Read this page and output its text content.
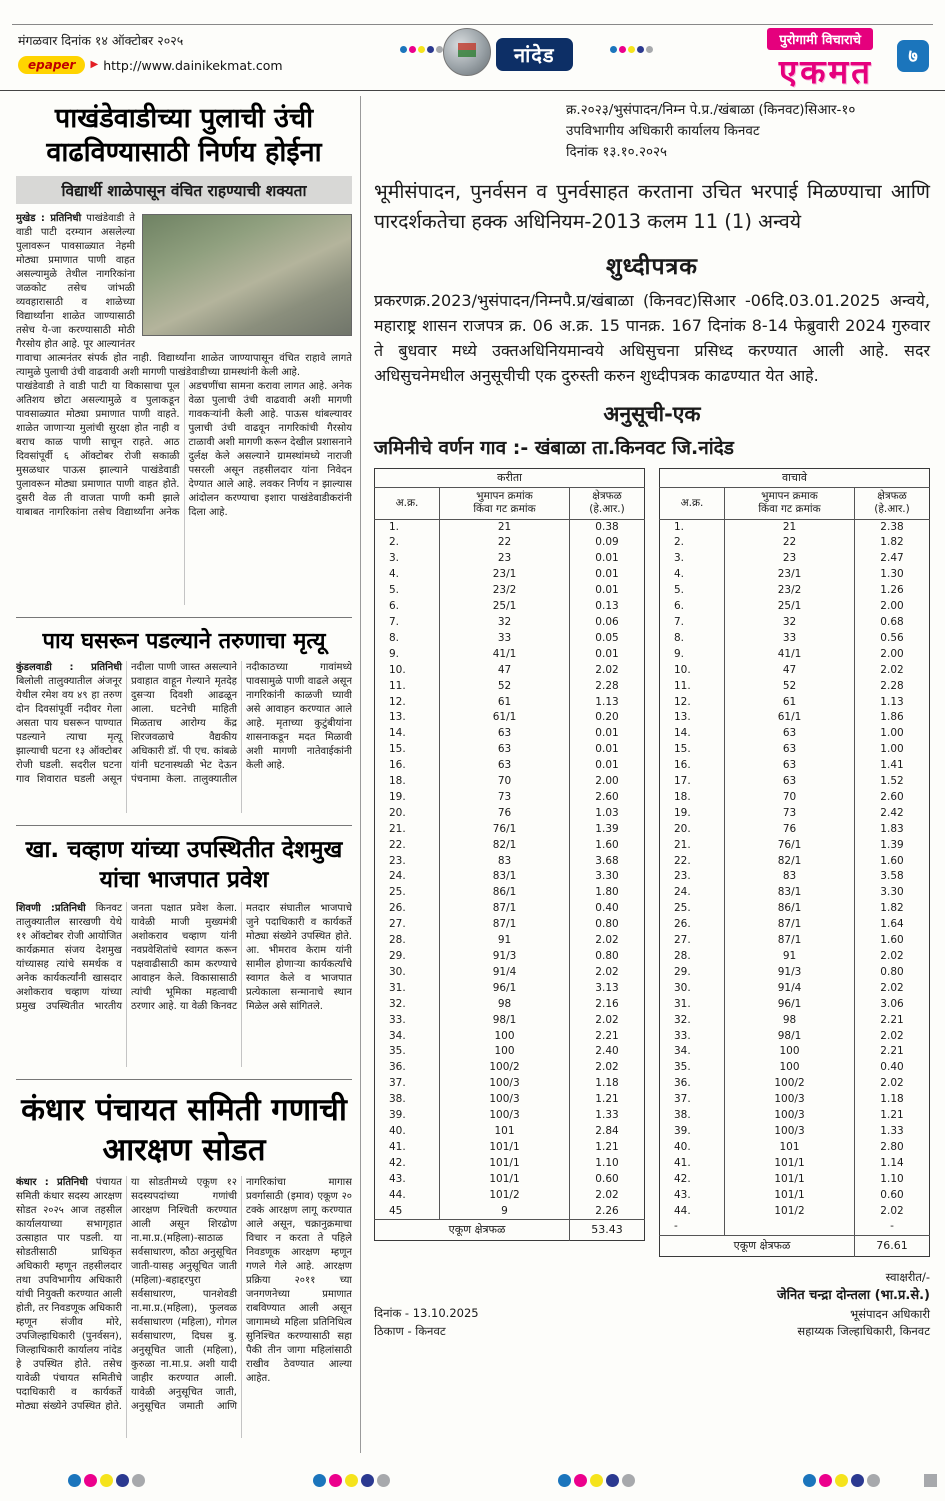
मंगळवार दिनांक १४ ऑक्टोबर २०२५
epaper	▶ http://www.dainikekmat.com	नांदेड
पुरोगामी विचाराचे
एकमत	७
पाखंडेवाडीच्या पुलाची उंची वाढविण्यासाठी निर्णय होईना
विद्यार्थी शाळेपासून वंचित राहण्याची शक्यता
मुखेड : प्रतिनिधी पाखंडेवाडी ते वाडी पाटी दरम्यान असलेल्या पुलावरून पावसाळ्यात नेहमी मोठ्या प्रमाणात पाणी वाहत असल्यामुळे तेथील नागरिकांना जळकोट तसेच जांभळी व्यवहारासाठी व शाळेच्या विद्यार्थ्यांना शाळेत जाण्यासाठी तसेच ये-जा करण्यासाठी मोठी गैरसोय होत आहे. पूर आल्यानंतर गावाचा आत्मनंतर संपर्क होत नाही. विद्यार्थ्यांना शाळेत जाण्यापासून वंचित राहावे लागते त्यामुळे पुलाची उंची वाढवावी अशी मागणी पाखंडेवाडीच्या ग्रामस्थांनी केली आहे.
पाखंडेवाडी ते वाडी पाटी या विकासाचा पूल अतिशय छोटा असल्यामुळे व पुलाकडून पावसाळ्यात मोठ्या प्रमाणात पाणी वाहते. शाळेत जाणाऱ्या मुलांची सुरक्षा होत नाही व बराच काळ पाणी साचून राहते. आठ दिवसांपूर्वी ६ ऑक्टोबर रोजी सकाळी मुसळधार पाऊस झाल्याने पाखंडेवाडी पुलावरून मोठ्या प्रमाणात पाणी वाहत होते. दुसरी वेळ ती वाजता पाणी कमी झाले याबाबत नागरिकांना तसेच विद्यार्थ्यांना अनेक अडचणींचा सामना करावा लागत आहे. अनेक वेळा पुलाची उंची वाढवावी अशी मागणी गावकऱ्यांनी केली आहे. पाऊस थांबल्यावर पुलाची उंची वाढवून नागरिकांची गैरसोय टाळावी अशी मागणी करून देखील प्रशासनाने दुर्लक्ष केले असल्याने ग्रामस्थांमध्ये नाराजी पसरली असून तहसीलदार यांना निवेदन देण्यात आले आहे. लवकर निर्णय न झाल्यास आंदोलन करण्याचा इशारा पाखंडेवाडीकरांनी दिला आहे.
पाय घसरून पडल्याने तरुणाचा मृत्यू
कुंडलवाडी : प्रतिनिधी बिलोली तालुक्यातील अंजनूर येथील रमेश वय ४९ हा तरुण दोन दिवसांपूर्वी नदीवर गेला असता पाय घसरून पाण्यात पडल्याने त्याचा मृत्यू झाल्याची घटना १३ ऑक्टोबर रोजी घडली. सदरील घटना गाव शिवारात घडली असून नदीला पाणी जास्त असल्याने प्रवाहात वाहून गेल्याने मृतदेह दुसऱ्या दिवशी आढळून आला. घटनेची माहिती मिळताच आरोग्य केंद्र शिरजवळाचे वैद्यकीय अधिकारी डॉ. पी एच. कांबळे यांनी घटनास्थळी भेट देऊन पंचनामा केला. तालुक्यातील नदीकाठच्या गावांमध्ये पावसामुळे पाणी वाढले असून नागरिकांनी काळजी घ्यावी असे आवाहन करण्यात आले आहे. मृताच्या कुटुंबीयांना शासनाकडून मदत मिळावी अशी मागणी नातेवाईकांनी केली आहे.
खा. चव्हाण यांच्या उपस्थितीत देशमुख यांचा भाजपात प्रवेश
शिवणी :प्रतिनिधी किनवट तालुक्यातील सारखणी येथे ११ ऑक्टोबर रोजी आयोजित कार्यक्रमात संजय देशमुख यांच्यासह त्यांचे समर्थक व अनेक कार्यकर्त्यांनी खासदार अशोकराव चव्हाण यांच्या प्रमुख उपस्थितीत भारतीय जनता पक्षात प्रवेश केला. यावेळी माजी मुख्यमंत्री अशोकराव चव्हाण यांनी नवप्रवेशितांचे स्वागत करून पक्षवाढीसाठी काम करण्याचे आवाहन केले. विकासासाठी त्यांची भूमिका महत्वाची ठरणार आहे. या वेळी किनवट मतदार संघातील भाजपाचे जुने पदाधिकारी व कार्यकर्ते मोठ्या संख्येने उपस्थित होते. आ. भीमराव केराम यांनी सामील होणाऱ्या कार्यकर्त्यांचे स्वागत केले व भाजपात प्रत्येकाला सन्मानाचे स्थान मिळेल असे सांगितले.
कंधार पंचायत समिती गणाची आरक्षण सोडत
कंधार : प्रतिनिधी पंचायत समिती कंधार सदस्य आरक्षण सोडत २०२५ आज तहसील कार्यालयाच्या सभागृहात उत्साहात पार पडली. या सोडतीसाठी प्राधिकृत अधिकारी म्हणून तहसीलदार तथा उपविभागीय अधिकारी यांची नियुक्ती करण्यात आली होती, तर निवडणूक अधिकारी म्हणून संजीव मोरे, उपजिल्हाधिकारी (पुनर्वसन), जिल्हाधिकारी कार्यालय नांदेड हे उपस्थित होते. तसेच यावेळी पंचायत समितीचे पदाधिकारी व कार्यकर्ते मोठ्या संख्येने उपस्थित होते. या सोडतीमध्ये एकूण १२ सदस्यपदांच्या गणांची आरक्षण निश्चिती करण्यात आली असून शिरढोण ना.मा.प्र.(महिला)-साठाळ सर्वसाधारण, कौठा अनुसूचित जाती-यासह अनुसूचित जाती (महिला)-बहाद्दरपुरा सर्वसाधारण, पानशेवडी ना.मा.प्र.(महिला), फुलवळ सर्वसाधारण (महिला), गोगल सर्वसाधारण, दिघस बु. अनुसूचित जाती (महिला), कुरुळा ना.मा.प्र. अशी यादी जाहीर करण्यात आली. यावेळी अनुसूचित जाती, अनुसूचित जमाती आणि नागरिकांचा मागास प्रवर्गासाठी (इमाव) एकूण २० टक्के आरक्षण लागू करण्यात आले असून, चक्रानुक्रमाचा विचार न करता ते पहिले निवडणूक आरक्षण म्हणून गणले गेले आहे. आरक्षण प्रक्रिया २०११ च्या जनगणनेच्या प्रमाणात राबविण्यात आली असून जागामध्ये महिला प्रतिनिधित्व सुनिश्चित करण्यासाठी सहा पैकी तीन जागा महिलांसाठी राखीव ठेवण्यात आल्या आहेत.
क्र.२०२३/भुसंपादन/निम्न पे.प्र./खंबाळा (किनवट)सिआर-१०
उपविभागीय अधिकारी कार्यालय किनवट
दिनांक १३.१०.२०२५
भूमीसंपादन, पुनर्वसन व पुनर्वसाहत करताना उचित भरपाई मिळण्याचा आणि पारदर्शकतेचा हक्क अधिनियम-2013 कलम 11 (1) अन्वये
शुध्दीपत्रक

प्रकरणक्र.2023/भुसंपादन/निम्नपै.प्र/खंबाळा (किनवट)सिआर -06दि.03.01.2025 अन्वये, महाराष्ट्र शासन राजपत्र क्र. 06 अ.क्र. 15 पानक्र. 167 दिनांक 8-14 फेब्रुवारी 2024 गुरुवार ते बुधवार मध्ये उक्तअधिनियमान्वये अधिसुचना प्रसिध्द करण्यात आली आहे. सदर अधिसुचनेमधील अनुसूचीची एक दुरुस्ती करुन शुध्दीपत्रक काढण्यात येत आहे.

अनुसूची-एक
जमिनीचे वर्णन गाव :- खंबाळा ता.किनवट जि.नांदेड
करीता		
अ.क्र.	भुमापन क्रमांक
किंवा गट क्रमांक	क्षेत्रफळ
(हे.आर.)
1.	21	0.38
2.	22	0.09
3.	23	0.01
4.	23/1	0.01
5.	23/2	0.01
6.	25/1	0.13
7.	32	0.06
8.	33	0.05
9.	41/1	0.01
10.	47	2.02
11.	52	2.28
12.	61	1.13
13.	61/1	0.20
14.	63	0.01
15.	63	0.01
16.	63	0.01
18.	70	2.00
19.	73	2.60
20.	76	1.03
21.	76/1	1.39
22.	82/1	1.60
23.	83	3.68
24.	83/1	3.30
25.	86/1	1.80
26.	87/1	0.40
27.	87/1	0.80
28.	91	2.02
29.	91/3	0.80
30.	91/4	2.02
31.	96/1	3.13
32.	98	2.16
33.	98/1	2.02
34.	100	2.21
35.	100	2.40
36.	100/2	2.02
37.	100/3	1.18
38.	100/3	1.21
39.	100/3	1.33
40.	101	2.84
41.	101/1	1.21
42.	101/1	1.10
43.	101/1	0.60
44.	101/2	2.02
45	9	2.26
एकूण क्षेत्रफळ		53.43
वाचावे		
अ.क्र.	भुमापन क्रमाक
किंवा गट क्रमांक	क्षेत्रफळ
(हे.आर.)
1.	21	2.38
2.	22	1.82
3.	23	2.47
4.	23/1	1.30
5.	23/2	1.26
6.	25/1	2.00
7.	32	0.68
8.	33	0.56
9.	41/1	2.00
10.	47	2.02
11.	52	2.28
12.	61	1.13
13.	61/1	1.86
14.	63	1.00
15.	63	1.00
16.	63	1.41
17.	63	1.52
18.	70	2.60
19.	73	2.42
20.	76	1.83
21.	76/1	1.39
22.	82/1	1.60
23.	83	3.58
24.	83/1	3.30
25.	86/1	1.82
26.	87/1	1.64
27.	87/1	1.60
28.	91	2.02
29.	91/3	0.80
30.	91/4	2.02
31.	96/1	3.06
32.	98	2.21
33.	98/1	2.02
34.	100	2.21
35.	100	0.40
36.	100/2	2.02
37.	100/3	1.18
38.	100/3	1.21
39.	100/3	1.33
40.	101	2.80
41.	101/1	1.14
42.	101/1	1.10
43.	101/1	0.60
44.	101/2	2.02
-		-
एकूण क्षेत्रफळ		76.61
दिनांक - 13.10.2025
ठिकाण - किनवट
स्वाक्षरीत/-
जेनित चन्द्रा दोन्तला (भा.प्र.से.)
भूसंपादन अधिकारी
सहाय्यक जिल्हाधिकारी, किनवट
